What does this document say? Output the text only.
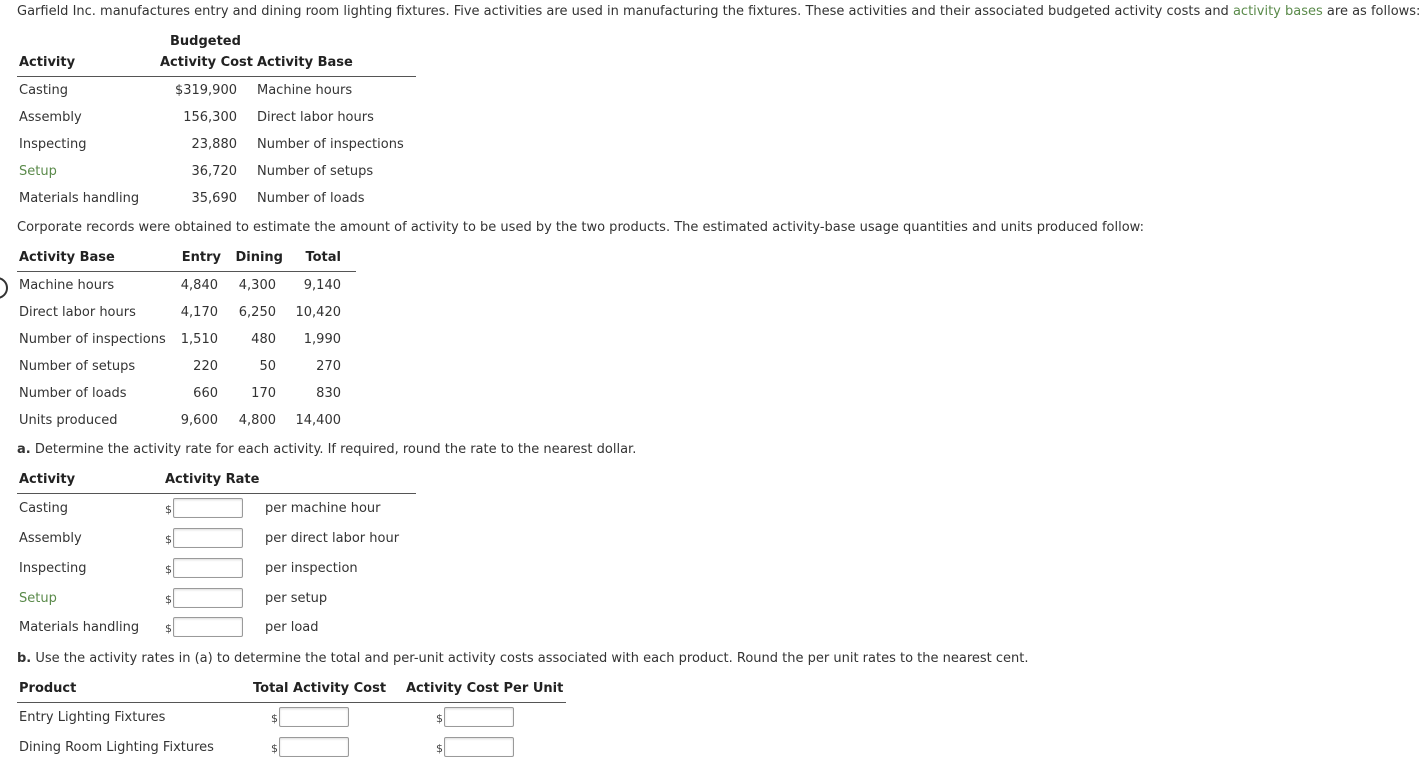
Garfield Inc. manufactures entry and dining room lighting fixtures. Five activities are used in manufacturing the fixtures. These activities and their associated budgeted activity costs and activity bases are as follows:
Budgeted
Activity	Activity Cost Activity Base
Casting	$319,900 Machine hours
Assembly	156,300 Direct labor hours
Inspecting	23,880 Number of inspections
Setup	36,720 Number of setups
Materials handling	35,690 Number of loads
Corporate records were obtained to estimate the amount of activity to be used by the two products. The estimated activity-base usage quantities and units produced follow:
Activity Base	Entry	Dining	Total
Machine hours	4,840	4,300	9,140
Direct labor hours	4,170	6,250	10,420
Number of inspections	1,510	480	1,990
Number of setups	220	50	270
Number of loads	660	170	830
Units produced	9,600	4,800	14,400
a. Determine the activity rate for each activity. If required, round the rate to the nearest dollar.
Activity	Activity Rate
Casting	$	per machine hour
Assembly	$	per direct labor hour
Inspecting	$	per inspection
Setup	$	per setup
Materials handling $	per load
b. Use the activity rates in (a) to determine the total and per-unit activity costs associated with each product. Round the per unit rates to the nearest cent.
Product	Total Activity Cost Activity Cost Per Unit
Entry Lighting Fixtures	$	$
Dining Room Lighting Fixtures	$	$
